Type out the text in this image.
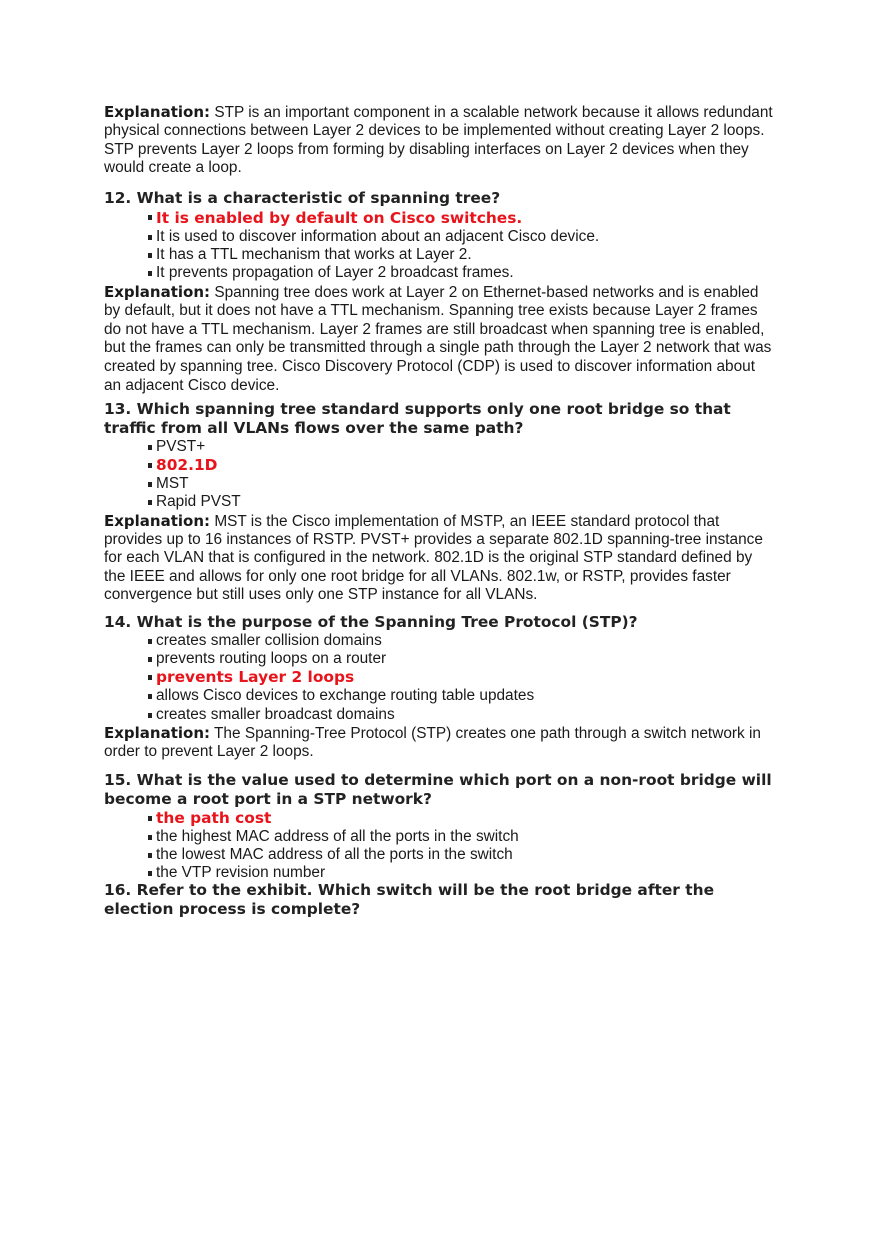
Explanation: STP is an important component in a scalable network because it allows redundant physical connections between Layer 2 devices to be implemented without creating Layer 2 loops. STP prevents Layer 2 loops from forming by disabling interfaces on Layer 2 devices when they would create a loop.

12. What is a characteristic of spanning tree?

It is enabled by default on Cisco switches.
It is used to discover information about an adjacent Cisco device.
It has a TTL mechanism that works at Layer 2.
It prevents propagation of Layer 2 broadcast frames.

Explanation: Spanning tree does work at Layer 2 on Ethernet-based networks and is enabled by default, but it does not have a TTL mechanism. Spanning tree exists because Layer 2 frames do not have a TTL mechanism. Layer 2 frames are still broadcast when spanning tree is enabled, but the frames can only be transmitted through a single path through the Layer 2 network that was created by spanning tree. Cisco Discovery Protocol (CDP) is used to discover information about an adjacent Cisco device.

13. Which spanning tree standard supports only one root bridge so that traffic from all VLANs flows over the same path?

PVST+
802.1D
MST
Rapid PVST

Explanation: MST is the Cisco implementation of MSTP, an IEEE standard protocol that provides up to 16 instances of RSTP. PVST+ provides a separate 802.1D spanning-tree instance for each VLAN that is configured in the network. 802.1D is the original STP standard defined by the IEEE and allows for only one root bridge for all VLANs. 802.1w, or RSTP, provides faster convergence but still uses only one STP instance for all VLANs.

14. What is the purpose of the Spanning Tree Protocol (STP)?

creates smaller collision domains
prevents routing loops on a router
prevents Layer 2 loops
allows Cisco devices to exchange routing table updates
creates smaller broadcast domains

Explanation: The Spanning-Tree Protocol (STP) creates one path through a switch network in order to prevent Layer 2 loops.

15. What is the value used to determine which port on a non-root bridge will become a root port in a STP network?

the path cost
the highest MAC address of all the ports in the switch
the lowest MAC address of all the ports in the switch
the VTP revision number

16. Refer to the exhibit. Which switch will be the root bridge after the election process is complete?
